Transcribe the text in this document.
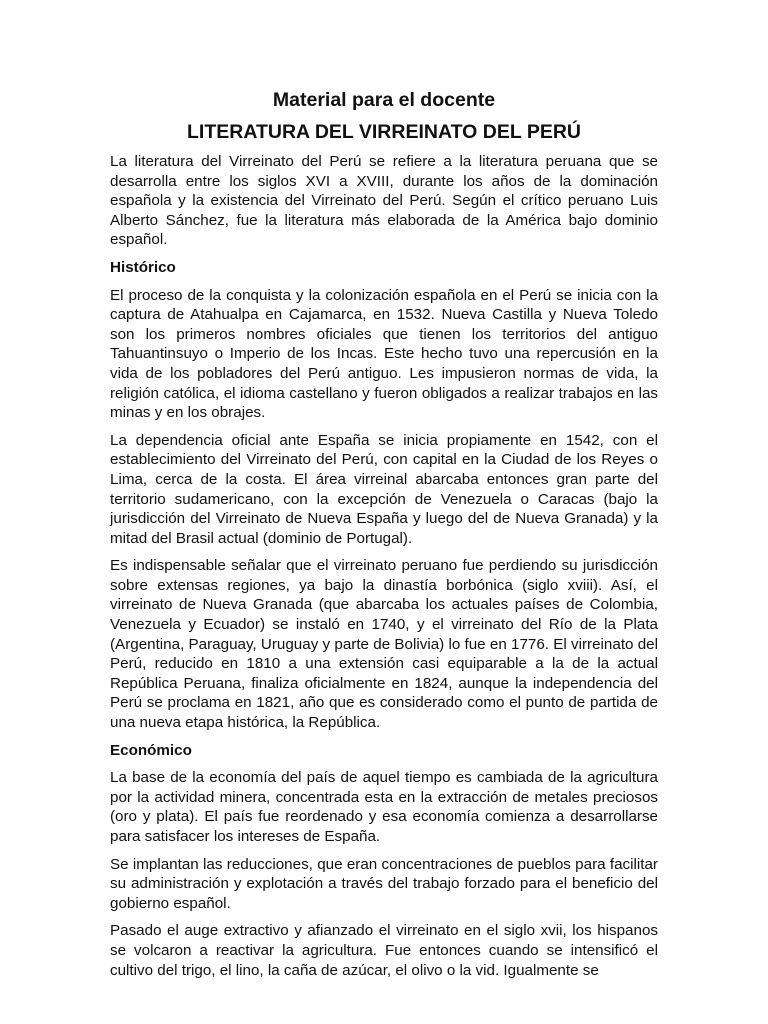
Material para el docente
LITERATURA DEL VIRREINATO DEL PERÚ

La literatura del Virreinato del Perú se refiere a la literatura peruana que se desarrolla entre los siglos XVI a XVIII, durante los años de la dominación española y la existencia del Virreinato del Perú. Según el crítico peruano Luis Alberto Sánchez, fue la literatura más elaborada de la América bajo dominio español.

Histórico

El proceso de la conquista y la colonización española en el Perú se inicia con la captura de Atahualpa en Cajamarca, en 1532. Nueva Castilla y Nueva Toledo son los primeros nombres oficiales que tienen los territorios del antiguo Tahuantinsuyo o Imperio de los Incas. Este hecho tuvo una repercusión en la vida de los pobladores del Perú antiguo. Les impusieron normas de vida, la religión católica, el idioma castellano y fueron obligados a realizar trabajos en las minas y en los obrajes.

La dependencia oficial ante España se inicia propiamente en 1542, con el establecimiento del Virreinato del Perú, con capital en la Ciudad de los Reyes o Lima, cerca de la costa. El área virreinal abarcaba entonces gran parte del territorio sudamericano, con la excepción de Venezuela o Caracas (bajo la jurisdicción del Virreinato de Nueva España y luego del de Nueva Granada) y la mitad del Brasil actual (dominio de Portugal).

Es indispensable señalar que el virreinato peruano fue perdiendo su jurisdicción sobre extensas regiones, ya bajo la dinastía borbónica (siglo xviii). Así, el virreinato de Nueva Granada (que abarcaba los actuales países de Colombia, Venezuela y Ecuador) se instaló en 1740, y el virreinato del Río de la Plata (Argentina, Paraguay, Uruguay y parte de Bolivia) lo fue en 1776. El virreinato del Perú, reducido en 1810 a una extensión casi equiparable a la de la actual República Peruana, finaliza oficialmente en 1824, aunque la independencia del Perú se proclama en 1821, año que es considerado como el punto de partida de una nueva etapa histórica, la República.

Económico

La base de la economía del país de aquel tiempo es cambiada de la agricultura por la actividad minera, concentrada esta en la extracción de metales preciosos (oro y plata). El país fue reordenado y esa economía comienza a desarrollarse para satisfacer los intereses de España.

Se implantan las reducciones, que eran concentraciones de pueblos para facilitar su administración y explotación a través del trabajo forzado para el beneficio del gobierno español.

Pasado el auge extractivo y afianzado el virreinato en el siglo xvii, los hispanos se volcaron a reactivar la agricultura. Fue entonces cuando se intensificó el cultivo del trigo, el lino, la caña de azúcar, el olivo o la vid. Igualmente se
